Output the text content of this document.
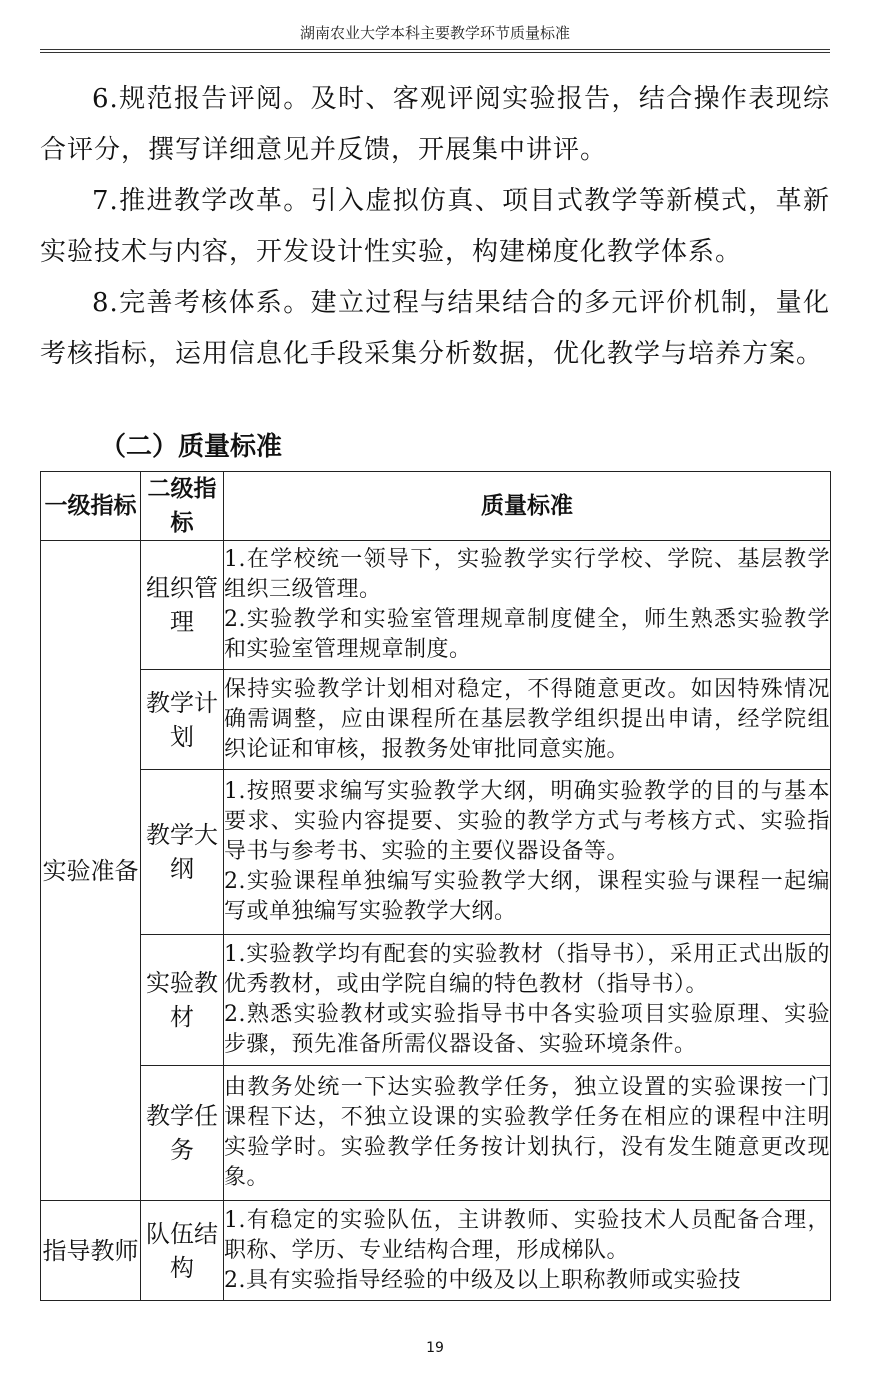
湖南农业大学本科主要教学环节质量标准

6.规范报告评阅。及时、客观评阅实验报告，结合操作表现综合评分，撰写详细意见并反馈，开展集中讲评。

7.推进教学改革。引入虚拟仿真、项目式教学等新模式，革新实验技术与内容，开发设计性实验，构建梯度化教学体系。

8.完善考核体系。建立过程与结果结合的多元评价机制，量化考核指标，运用信息化手段采集分析数据，优化教学与培养方案。

（二）质量标准
一级指标	二级指标	质量标准
实验准备	组织管理	1.在学校统一领导下，实验教学实行学校、学院、基层教学组织三级管理。
2.实验教学和实验室管理规章制度健全，师生熟悉实验教学和实验室管理规章制度。

	教学计划	保持实验教学计划相对稳定，不得随意更改。如因特殊情况确需调整，应由课程所在基层教学组织提出申请，经学院组织论证和审核，报教务处审批同意实施。

	教学大纲	1.按照要求编写实验教学大纲，明确实验教学的目的与基本要求、实验内容提要、实验的教学方式与考核方式、实验指导书与参考书、实验的主要仪器设备等。
2.实验课程单独编写实验教学大纲，课程实验与课程一起编写或单独编写实验教学大纲。

	实验教材	1.实验教学均有配套的实验教材（指导书），采用正式出版的优秀教材，或由学院自编的特色教材（指导书）。
2.熟悉实验教材或实验指导书中各实验项目实验原理、实验步骤，预先准备所需仪器设备、实验环境条件。

	教学任务	由教务处统一下达实验教学任务，独立设置的实验课按一门课程下达，不独立设课的实验教学任务在相应的课程中注明实验学时。实验教学任务按计划执行，没有发生随意更改现象。

指导教师	队伍结构	1.有稳定的实验队伍，主讲教师、实验技术人员配备合理，职称、学历、专业结构合理，形成梯队。
2.具有实验指导经验的中级及以上职称教师或实验技
19
